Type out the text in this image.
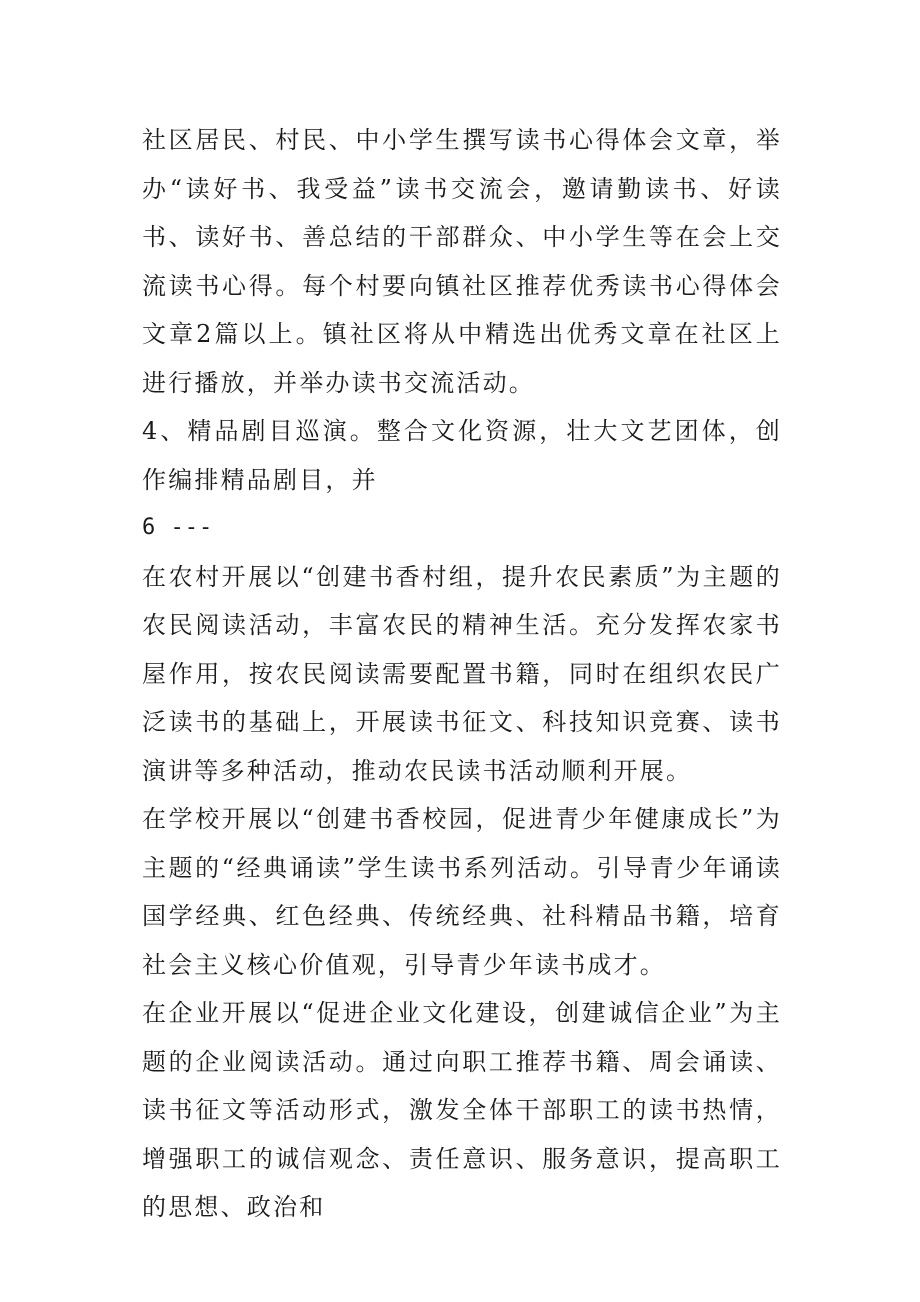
社区居民、村民、中小学生撰写读书心得体会文章，举办“读好书、我受益”读书交流会，邀请勤读书、好读书、读好书、善总结的干部群众、中小学生等在会上交流读书心得。每个村要向镇社区推荐优秀读书心得体会文章2篇以上。镇社区将从中精选出优秀文章在社区上进行播放，并举办读书交流活动。

4、精品剧目巡演。整合文化资源，壮大文艺团体，创作编排精品剧目，并

6 ---

在农村开展以“创建书香村组，提升农民素质”为主题的农民阅读活动，丰富农民的精神生活。充分发挥农家书屋作用，按农民阅读需要配置书籍，同时在组织农民广泛读书的基础上，开展读书征文、科技知识竞赛、读书演讲等多种活动，推动农民读书活动顺利开展。

在学校开展以“创建书香校园，促进青少年健康成长”为主题的“经典诵读”学生读书系列活动。引导青少年诵读国学经典、红色经典、传统经典、社科精品书籍，培育社会主义核心价值观，引导青少年读书成才。

在企业开展以“促进企业文化建设，创建诚信企业”为主题的企业阅读活动。通过向职工推荐书籍、周会诵读、读书征文等活动形式，激发全体干部职工的读书热情，增强职工的诚信观念、责任意识、服务意识，提高职工的思想、政治和
